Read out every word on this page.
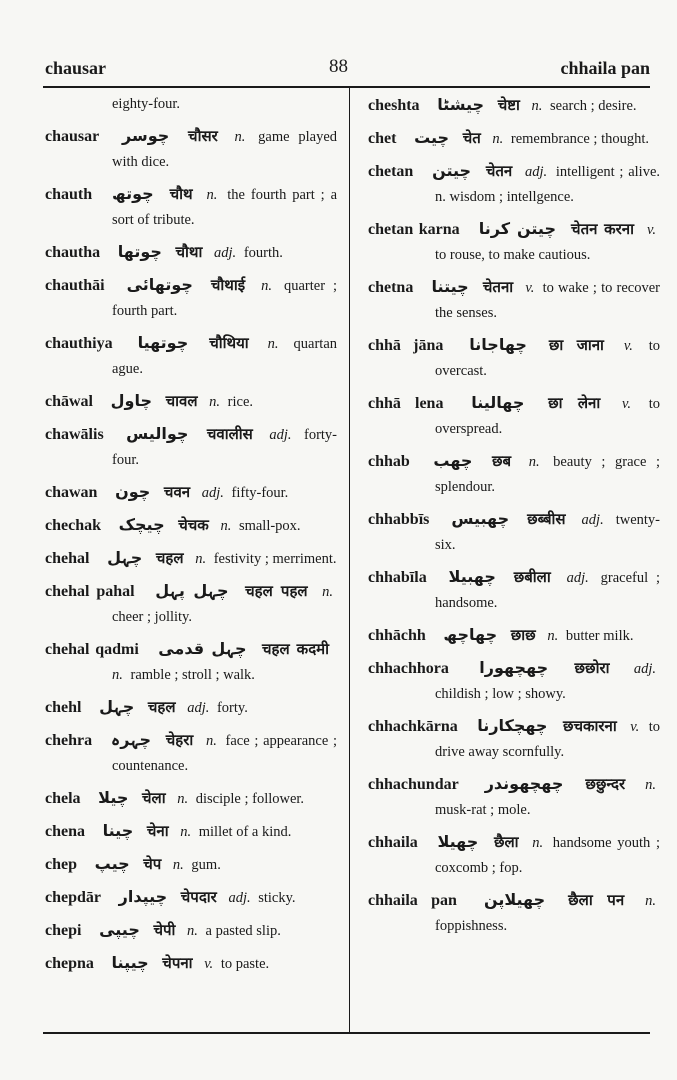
chausar	88	chhaila pan
eighty-four.
chausar چوسر चौसर n. game played with dice.
chauth چوتھ चौथ n. the fourth part ; a sort of tribute.
chautha چوتھا चौथा adj. fourth.
chauthāi چوتھائی चौथाई n. quarter ; fourth part.
chauthiya چوتھیا चौथिया n. quartan ague.
chāwal چاول चावल n. rice.
chawālis چوالیس चवालीस adj. forty-four.
chawan چون चवन adj. fifty-four.
chechak چیچک चेचक n. small-pox.
chehal چہل चहल n. festivity ; merriment.
chehal pahal چہل پہل चहल पहल n. cheer ; jollity.
chehal qadmi چہل قدمی चहल कदमी n. ramble ; stroll ; walk.
chehl چہل चहल adj. forty.
chehra چہرہ चेहरा n. face ; appearance ; countenance.
chela چیلا चेला n. disciple ; follower.
chena چینا चेना n. millet of a kind.
chep چیپ चेप n. gum.
chepdār چیپدار चेपदार adj. sticky.
chepi چیپی चेपी n. a pasted slip.
chepna چیپنا चेपना v. to paste.
cheshta چیشٹا चेष्टा n. search ; desire.
chet چیت चेत n. remembrance ; thought.
chetan چیتن चेतन adj. intelligent ; alive. n. wisdom ; intellgence.
chetan karna چیتن کرنا चेतन करना v. to rouse, to make cautious.
chetna چیتنا चेतना v. to wake ; to recover the senses.
chhā jāna چھاجانا छा जाना v. to overcast.
chhā lena چھالینا छा लेना v. to overspread.
chhab چھب छब n. beauty ; grace ; splendour.
chhabbīs چھبیس छब्बीस adj. twenty-six.
chhabīla چھبیلا छबीला adj. graceful ; handsome.
chhāchh چھاچھ छाछ n. butter milk.
chhachhora چھچھورا छछोरा adj. childish ; low ; showy.
chhachkārna چھچکارنا छचकारना v. to drive away scornfully.
chhachundar چھچھوندر छछुन्दर n. musk-rat ; mole.
chhaila چھیلا छैला n. handsome youth ; coxcomb ; fop.
chhaila pan چھیلاپن छैला पन n. foppishness.
